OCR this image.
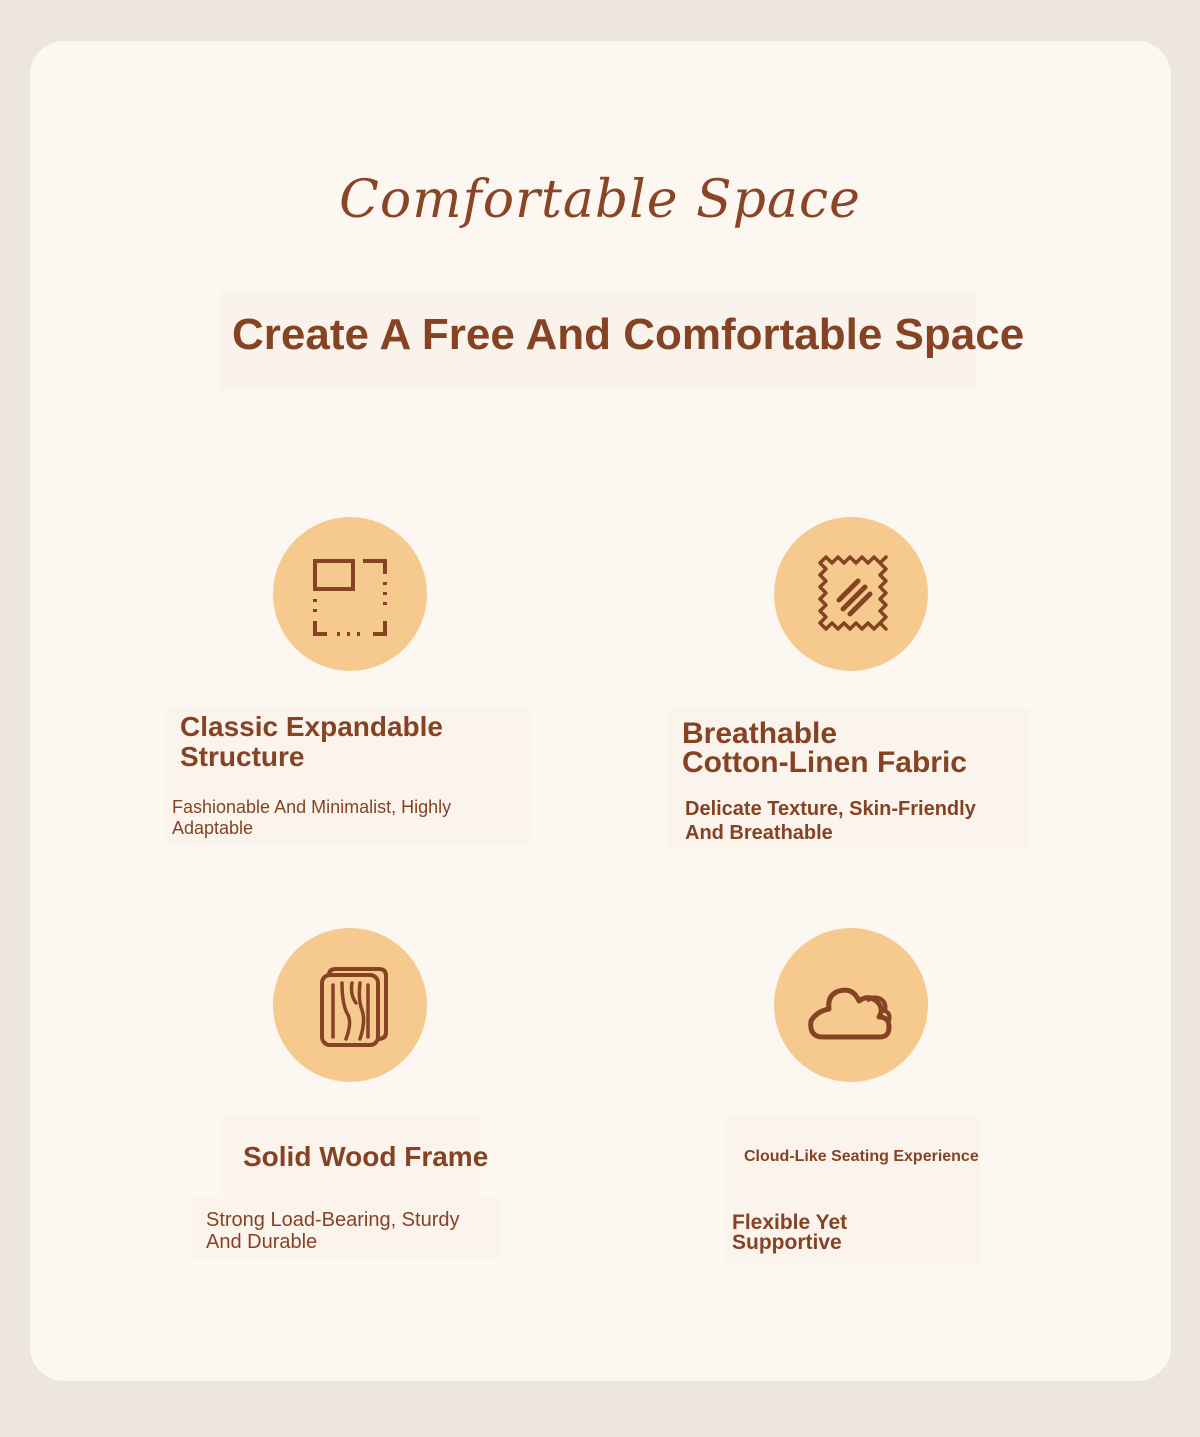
Comfortable Space
Create A Free And Comfortable Space
Classic Expandable
Structure
Fashionable And Minimalist, Highly
Adaptable
Breathable
Cotton-Linen Fabric
Delicate Texture, Skin-Friendly
And Breathable
Solid Wood Frame
Strong Load-Bearing, Sturdy
And Durable
Cloud-Like Seating Experience
Flexible Yet
Supportive
